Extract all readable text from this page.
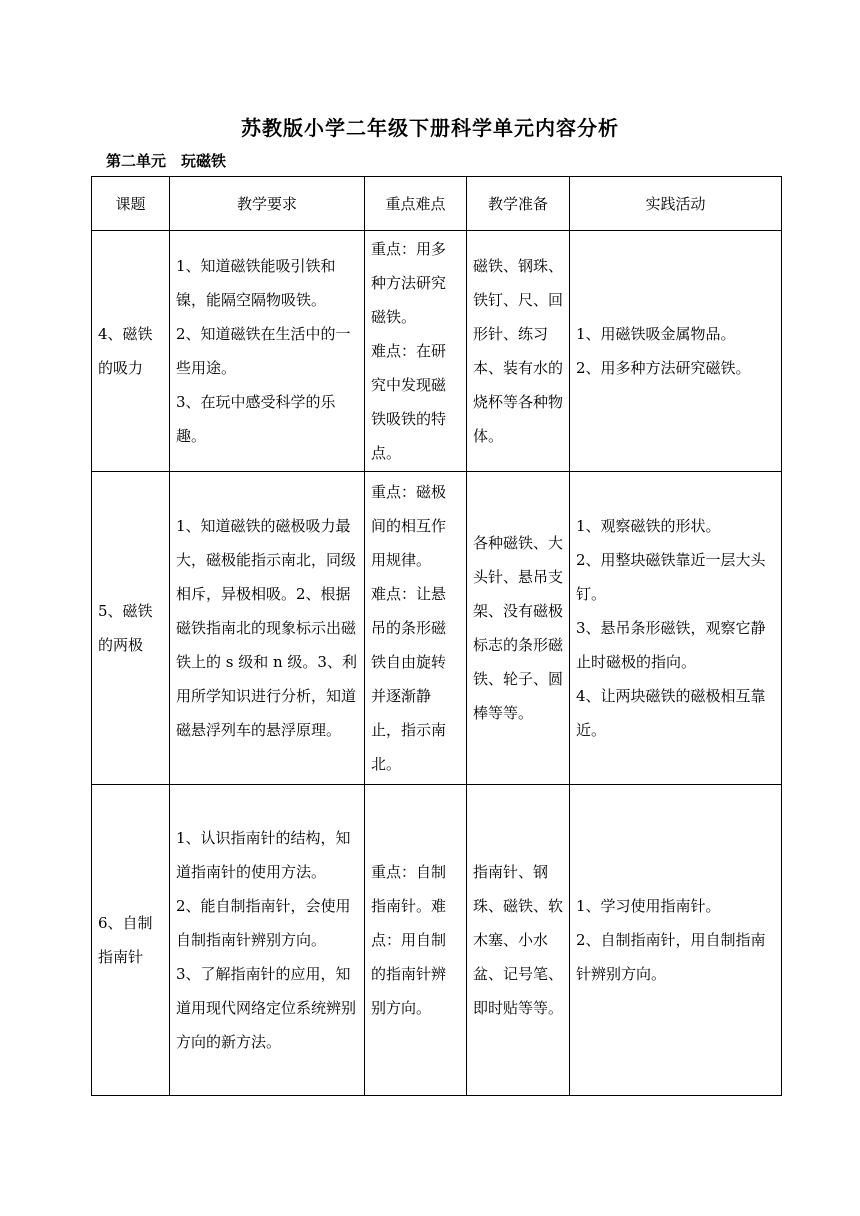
苏教版小学二年级下册科学单元内容分析
第二单元　玩磁铁
课题	教学要求	重点难点	教学准备	实践活动
4、磁铁的吸力	1、知道磁铁能吸引铁和镍，能隔空隔物吸铁。
2、知道磁铁在生活中的一些用途。
3、在玩中感受科学的乐趣。	重点：用多种方法研究磁铁。
难点：在研究中发现磁铁吸铁的特点。	磁铁、钢珠、铁钉、尺、回形针、练习本、装有水的烧杯等各种物体。	1、用磁铁吸金属物品。
2、用多种方法研究磁铁。
5、磁铁的两极	1、知道磁铁的磁极吸力最大，磁极能指示南北，同级相斥，异极相吸。2、根据磁铁指南北的现象标示出磁铁上的 s 级和 n 级。3、利用所学知识进行分析，知道磁悬浮列车的悬浮原理。	重点：磁极间的相互作用规律。
难点：让悬吊的条形磁铁自由旋转并逐渐静止，指示南北。	各种磁铁、大头针、悬吊支架、没有磁极标志的条形磁铁、轮子、圆棒等等。	1、观察磁铁的形状。
2、用整块磁铁靠近一层大头钉。
3、悬吊条形磁铁，观察它静止时磁极的指向。
4、让两块磁铁的磁极相互靠近。
6、自制指南针	1、认识指南针的结构，知道指南针的使用方法。
2、能自制指南针，会使用自制指南针辨别方向。
3、了解指南针的应用，知道用现代网络定位系统辨别方向的新方法。	重点：自制指南针。难点：用自制的指南针辨别方向。	指南针、钢珠、磁铁、软木塞、小水盆、记号笔、即时贴等等。	1、学习使用指南针。
2、自制指南针，用自制指南针辨别方向。
